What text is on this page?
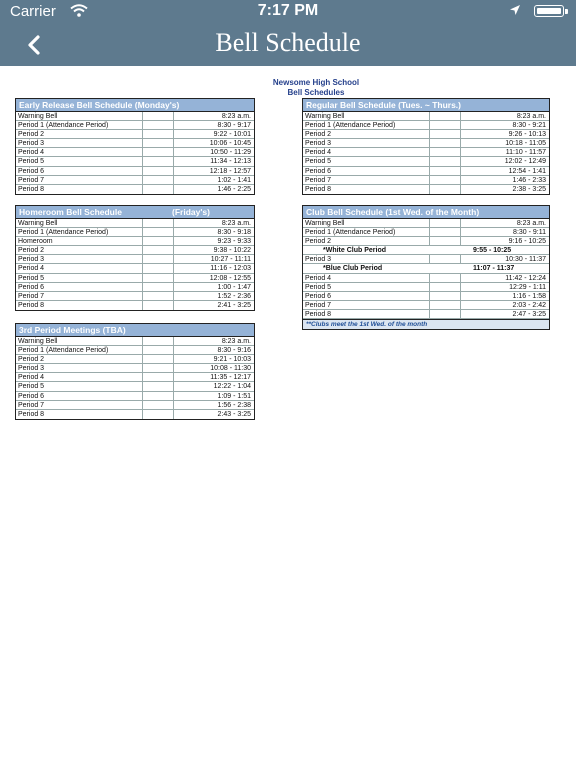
Carrier	7:17 PM
Bell Schedule
Newsome High School
Bell Schedules
Early Release Bell Schedule (Monday's)
Warning Bell	8:23 a.m.
Period 1 (Attendance Period)	8:30 - 9:17
Period 2	9:22 - 10:01
Period 3	10:06 - 10:45
Period 4	10:50 - 11:29
Period 5	11:34 - 12:13
Period 6	12:18 - 12:57
Period 7	1:02 - 1:41
Period 8	1:46 - 2:25
Regular Bell Schedule (Tues. ~ Thurs.)
Warning Bell	8:23 a.m.
Period 1 (Attendance Period)	8:30 - 9:21
Period 2	9:26 - 10:13
Period 3	10:18 - 11:05
Period 4	11:10 - 11:57
Period 5	12:02 - 12:49
Period 6	12:54 - 1:41
Period 7	1:46 - 2:33
Period 8	2:38 - 3:25
Homeroom Bell Schedule	(Friday's)
Warning Bell	8:23 a.m.
Period 1 (Attendance Period)	8:30 - 9:18
Homeroom	9:23 - 9:33
Period 2	9:38 - 10:22
Period 3	10:27 - 11:11
Period 4	11:16 - 12:03
Period 5	12:08 - 12:55
Period 6	1:00 - 1:47
Period 7	1:52 - 2:36
Period 8	2:41 - 3:25
Club Bell Schedule (1st Wed. of the Month)
Warning Bell	8:23 a.m.
Period 1 (Attendance Period)	8:30 - 9:11
Period 2	9:16 - 10:25
*White Club Period	9:55 - 10:25
Period 3	10:30 - 11:37
*Blue Club Period	11:07 - 11:37
Period 4	11:42 - 12:24
Period 5	12:29 - 1:11
Period 6	1:16 - 1:58
Period 7	2:03 - 2:42
Period 8	2:47 - 3:25
**Clubs meet the 1st Wed. of the month
3rd Period Meetings (TBA)
Warning Bell	8:23 a.m.
Period 1 (Attendance Period)	8:30 - 9:16
Period 2	9:21 - 10:03
Period 3	10:08 - 11:30
Period 4	11:35 - 12:17
Period 5	12:22 - 1:04
Period 6	1:09 - 1:51
Period 7	1:56 - 2:38
Period 8	2:43 - 3:25
